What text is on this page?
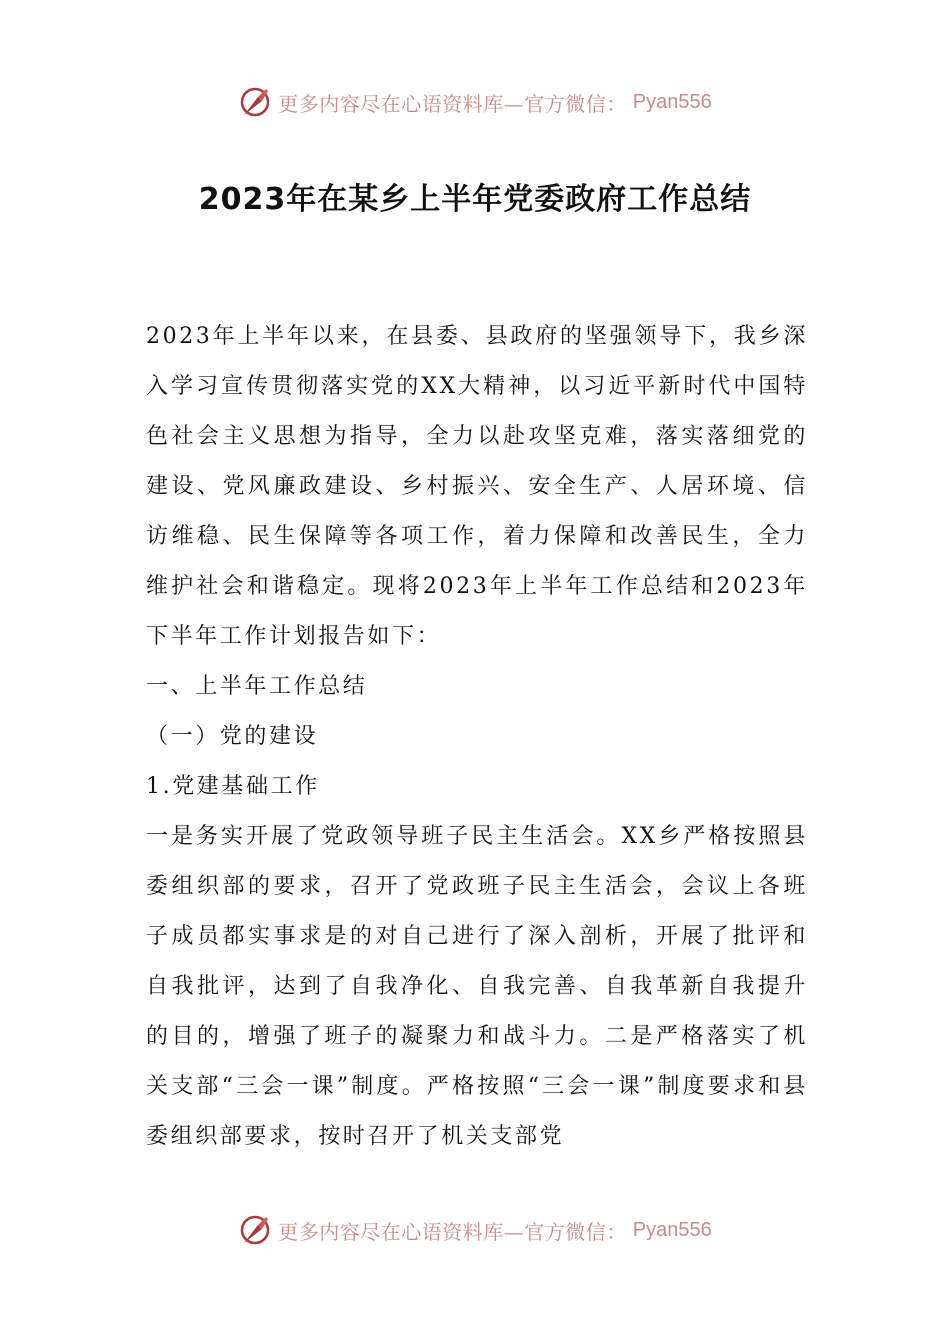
更多内容尽在心语资料库—官方微信： Pyan556
2023年在某乡上半年党委政府工作总结

2023年上半年以来，在县委、县政府的坚强领导下，我乡深入学习宣传贯彻落实党的XX大精神，以习近平新时代中国特色社会主义思想为指导，全力以赴攻坚克难，落实落细党的建设、党风廉政建设、乡村振兴、安全生产、人居环境、信访维稳、民生保障等各项工作，着力保障和改善民生，全力维护社会和谐稳定。现将2023年上半年工作总结和2023年下半年工作计划报告如下：

一、上半年工作总结

（一）党的建设

1.党建基础工作

一是务实开展了党政领导班子民主生活会。XX乡严格按照县委组织部的要求，召开了党政班子民主生活会，会议上各班子成员都实事求是的对自己进行了深入剖析，开展了批评和自我批评，达到了自我净化、自我完善、自我革新自我提升的目的，增强了班子的凝聚力和战斗力。二是严格落实了机关支部“三会一课”制度。严格按照“三会一课”制度要求和县委组织部要求，按时召开了机关支部党

更多内容尽在心语资料库—官方微信： Pyan556
